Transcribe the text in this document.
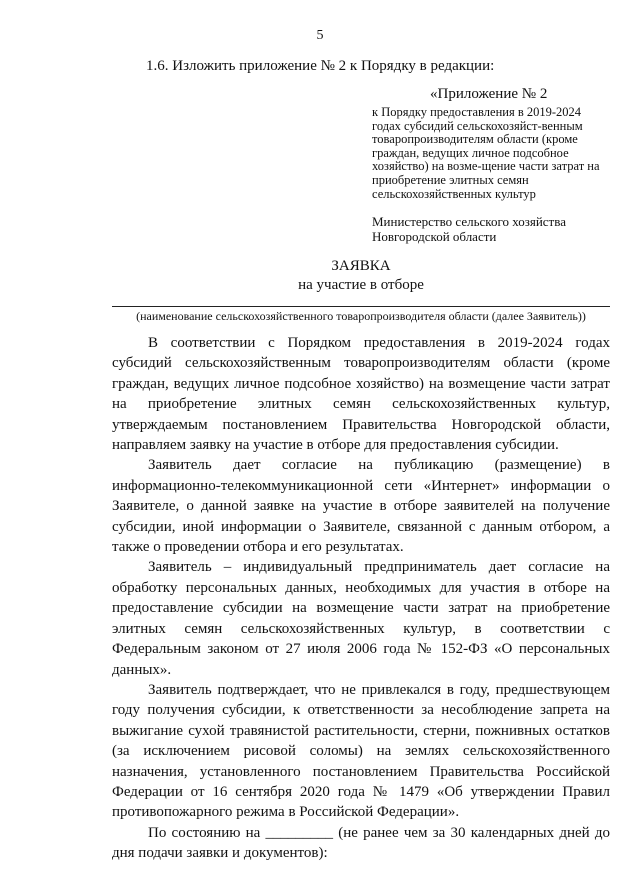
5
1.6. Изложить приложение № 2 к Порядку в редакции:
«Приложение № 2
к Порядку предоставления в 2019-2024 годах субсидий сельскохозяйст-венным товаропроизводителям области (кроме граждан, ведущих личное подсобное хозяйство) на возме-щение части затрат на приобретение элитных семян сельскохозяйственных культур
Министерство сельского хозяйства Новгородской области
ЗАЯВКА
на участие в отборе
(наименование сельскохозяйственного товаропроизводителя области (далее Заявитель))

В соответствии с Порядком предоставления в 2019-2024 годах субсидий сельскохозяйственным товаропроизводителям области (кроме граждан, ведущих личное подсобное хозяйство) на возмещение части затрат на приобретение элитных семян сельскохозяйственных культур, утверждаемым постановлением Правительства Новгородской области, направляем заявку на участие в отборе для предоставления субсидии.

Заявитель дает согласие на публикацию (размещение) в информационно-телекоммуникационной сети «Интернет» информации о Заявителе, о данной заявке на участие в отборе заявителей на получение субсидии, иной информации о Заявителе, связанной с данным отбором, а также о проведении отбора и его результатах.

Заявитель – индивидуальный предприниматель дает согласие на обработку персональных данных, необходимых для участия в отборе на предоставление субсидии на возмещение части затрат на приобретение элитных семян сельскохозяйственных культур, в соответствии с Федеральным законом от 27 июля 2006 года № 152-ФЗ «О персональных данных».

Заявитель подтверждает, что не привлекался в году, предшествующем году получения субсидии, к ответственности за несоблюдение запрета на выжигание сухой травянистой растительности, стерни, пожнивных остатков (за исключением рисовой соломы) на землях сельскохозяйственного назначения, установленного постановлением Правительства Российской Федерации от 16 сентября 2020 года № 1479 «Об утверждении Правил противопожарного режима в Российской Федерации».

По состоянию на _________ (не ранее чем за 30 календарных дней до дня подачи заявки и документов):
